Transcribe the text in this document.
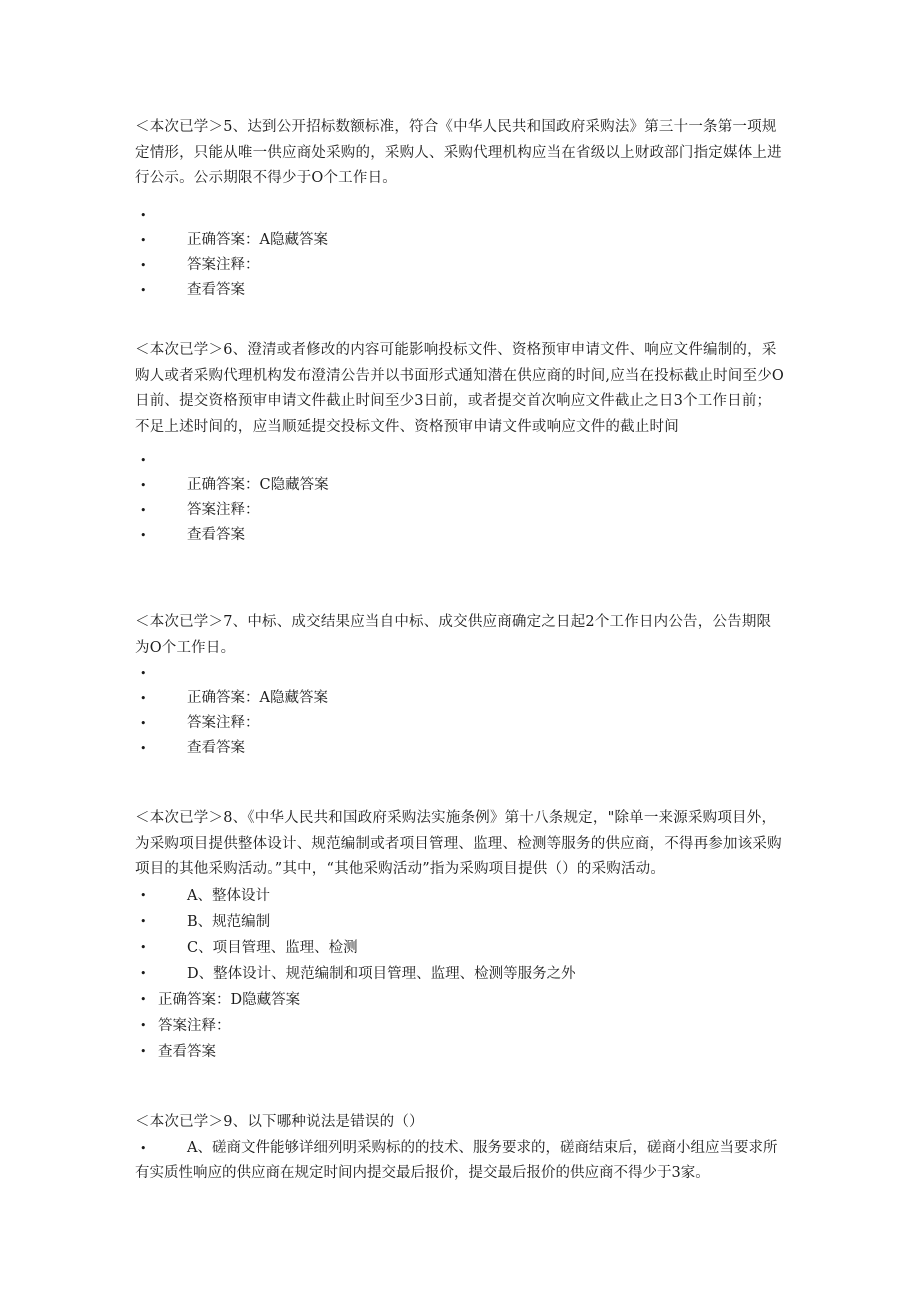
＜本次已学＞5、达到公开招标数额标准，符合《中华人民共和国政府采购法》第三十一条第一项规定情形，只能从唯一供应商处采购的，采购人、采购代理机构应当在省级以上财政部门指定媒体上进行公示。公示期限不得少于O个工作日。

•
•	正确答案：A隐藏答案
•	答案注释：
•	查看答案

＜本次已学＞6、澄清或者修改的内容可能影响投标文件、资格预审申请文件、响应文件编制的，采购人或者采购代理机构发布澄清公告并以书面形式通知潜在供应商的时间,应当在投标截止时间至少O日前、提交资格预审申请文件截止时间至少3日前，或者提交首次响应文件截止之日3个工作日前；不足上述时间的，应当顺延提交投标文件、资格预审申请文件或响应文件的截止时间

•
•	正确答案：C隐藏答案
•	答案注释：
•	查看答案

＜本次已学＞7、中标、成交结果应当自中标、成交供应商确定之日起2个工作日内公告，公告期限为O个工作日。

•
•	正确答案：A隐藏答案
•	答案注释：
•	查看答案

＜本次已学＞8、《中华人民共和国政府采购法实施条例》第十八条规定，"除单一来源采购项目外，为采购项目提供整体设计、规范编制或者项目管理、监理、检测等服务的供应商，不得再参加该采购项目的其他采购活动。”其中，“其他采购活动”指为采购项目提供（）的采购活动。

•	A、整体设计
•	B、规范编制
•	C、项目管理、监理、检测
•	D、整体设计、规范编制和项目管理、监理、检测等服务之外
• 正确答案：D隐藏答案
• 答案注释：
• 查看答案

＜本次已学＞9、以下哪种说法是错误的（）

•	A、磋商文件能够详细列明采购标的的技术、服务要求的，磋商结束后，磋商小组应当要求所有实质性响应的供应商在规定时间内提交最后报价，提交最后报价的供应商不得少于3家。
